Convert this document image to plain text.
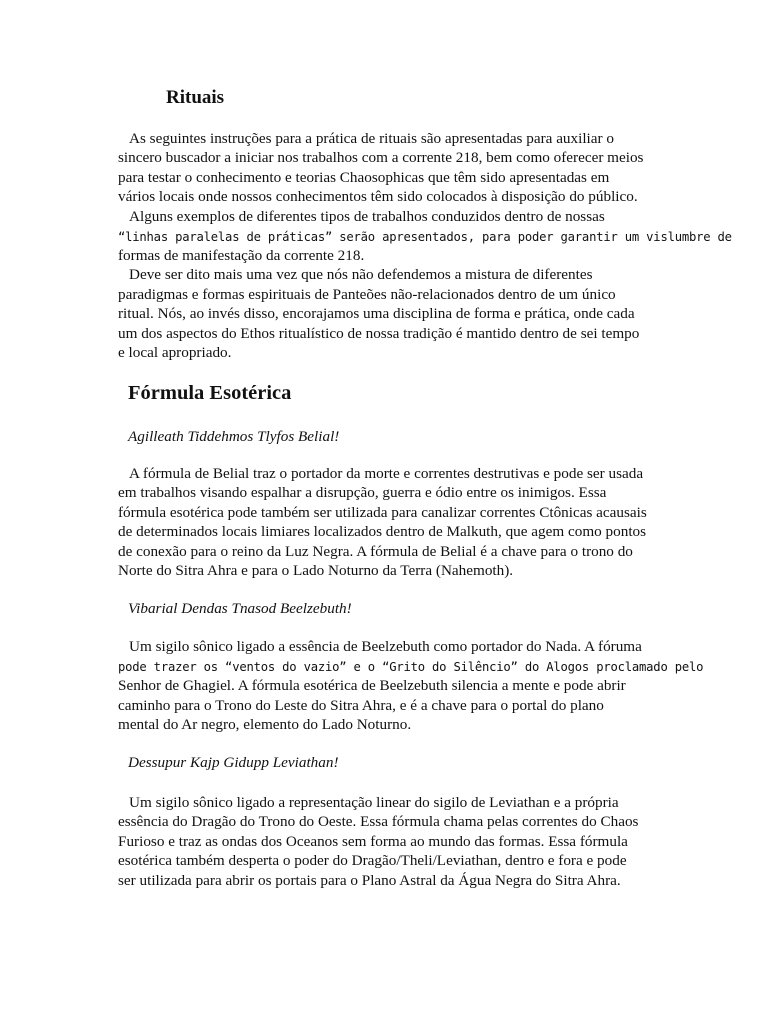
Rituais

As seguintes instruções para a prática de rituais são apresentadas para auxiliar o

sincero buscador a iniciar nos trabalhos com a corrente 218, bem como oferecer meios

para testar o conhecimento e teorias Chaosophicas que têm sido apresentadas em

vários locais onde nossos conhecimentos têm sido colocados à disposição do público.

Alguns exemplos de diferentes tipos de trabalhos conduzidos dentro de nossas

“linhas paralelas de práticas” serão apresentados, para poder garantir um vislumbre de

formas de manifestação da corrente 218.

Deve ser dito mais uma vez que nós não defendemos a mistura de diferentes

paradigmas e formas espirituais de Panteões não-relacionados dentro de um único

ritual. Nós, ao invés disso, encorajamos uma disciplina de forma e prática, onde cada

um dos aspectos do Ethos ritualístico de nossa tradição é mantido dentro de sei tempo

e local apropriado.

Fórmula Esotérica

Agilleath Tiddehmos Tlyfos Belial!

A fórmula de Belial traz o portador da morte e correntes destrutivas e pode ser usada

em trabalhos visando espalhar a disrupção, guerra e ódio entre os inimigos. Essa

fórmula esotérica pode também ser utilizada para canalizar correntes Ctônicas acausais

de determinados locais limiares localizados dentro de Malkuth, que agem como pontos

de conexão para o reino da Luz Negra. A fórmula de Belial é a chave para o trono do

Norte do Sitra Ahra e para o Lado Noturno da Terra (Nahemoth).

Vibarial Dendas Tnasod Beelzebuth!

Um sigilo sônico ligado a essência de Beelzebuth como portador do Nada. A fóruma

pode trazer os “ventos do vazio” e o “Grito do Silêncio” do Alogos proclamado pelo

Senhor de Ghagiel. A fórmula esotérica de Beelzebuth silencia a mente e pode abrir

caminho para o Trono do Leste do Sitra Ahra, e é a chave para o portal do plano

mental do Ar negro, elemento do Lado Noturno.

Dessupur Kajp Gidupp Leviathan!

Um sigilo sônico ligado a representação linear do sigilo de Leviathan e a própria

essência do Dragão do Trono do Oeste. Essa fórmula chama pelas correntes do Chaos

Furioso e traz as ondas dos Oceanos sem forma ao mundo das formas. Essa fórmula

esotérica também desperta o poder do Dragão/Theli/Leviathan, dentro e fora e pode

ser utilizada para abrir os portais para o Plano Astral da Água Negra do Sitra Ahra.
